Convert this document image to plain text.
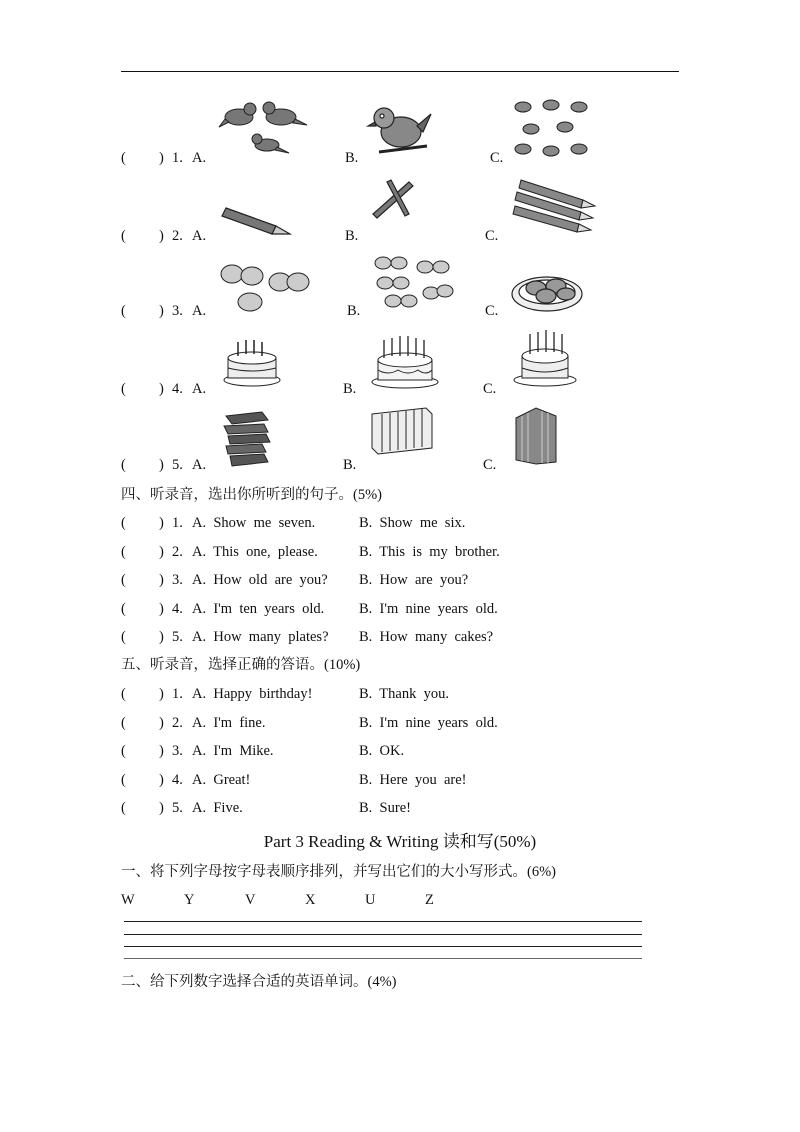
( ) 1. A.	B.	C.
( ) 2. A.	B.	C.
( ) 3. A.	B.	C.
( ) 4. A.	B.	C.
( ) 5. A.	B.	C.
四、听录音，选出你所听到的句子。(5%)
( ) 1. A.  Show  me  seven.	B.  Show  me  six.
( ) 2. A.  This  one,  please.	B.  This  is  my  brother.
( ) 3. A.  How  old  are  you? B.  How  are  you?
( ) 4. A.  I'm  ten  years  old. B.  I'm  nine  years  old.
( ) 5. A.  How  many  plates? B.  How  many  cakes?
五、听录音，选择正确的答语。(10%)
( ) 1. A.  Happy  birthday!	B.  Thank  you.
( ) 2. A.  I'm  fine.	B.  I'm  nine  years  old.
( ) 3. A.  I'm  Mike.	B.  OK.
( ) 4. A.  Great!	B.  Here  you  are!
( ) 5. A.  Five.	B.  Sure!
Part 3 Reading & Writing 读和写(50%)
一、将下列字母按字母表顺序排列，并写出它们的大小写形式。(6%)
W	Y	V	X	U	Z
二、给下列数字选择合适的英语单词。(4%)
